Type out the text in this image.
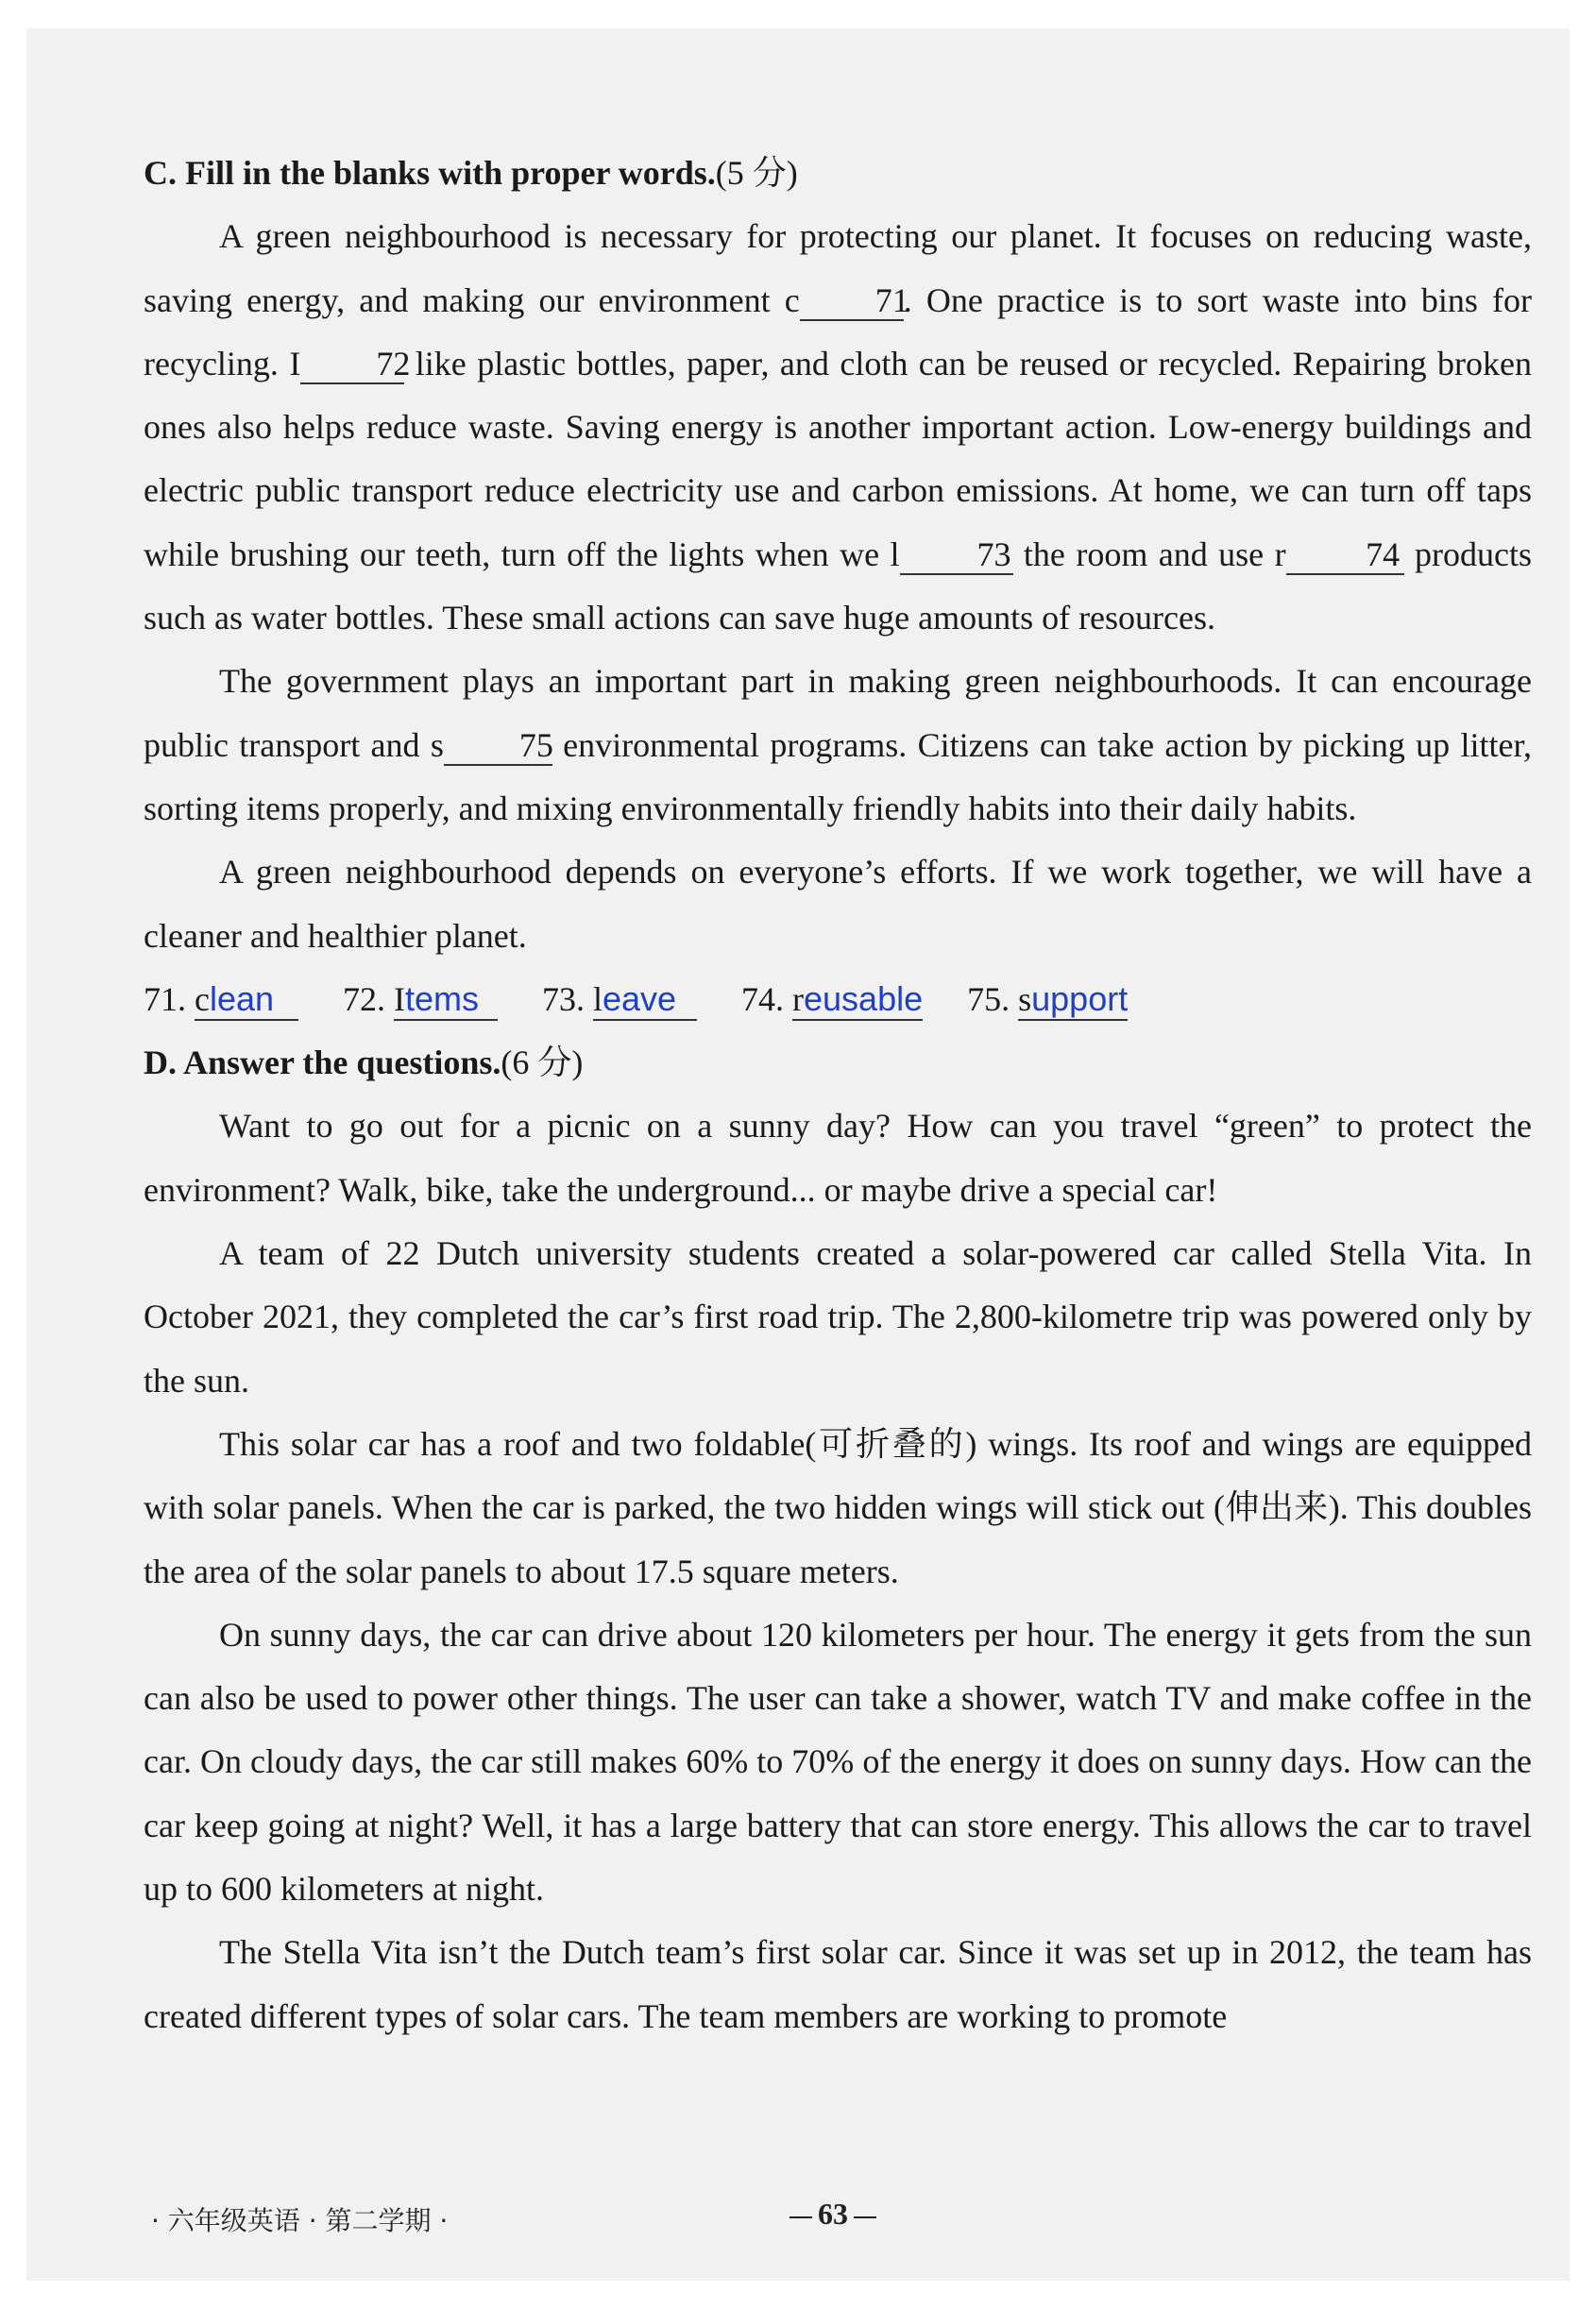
C. Fill in the blanks with proper words.(5 分)

A green neighbourhood is necessary for protecting our planet. It focuses on reducing waste, saving energy, and making our environment c 71. One practice is to sort waste into bins for recycling. I 72 like plastic bottles, paper, and cloth can be reused or recycled. Repairing broken ones also helps reduce waste. Saving energy is another important action. Low-energy buildings and electric public transport reduce electricity use and carbon emissions. At home, we can turn off taps while brushing our teeth, turn off the lights when we l 73 the room and use r 74 products such as water bottles. These small actions can save huge amounts of resources.

The government plays an important part in making green neighbourhoods. It can encourage public transport and s 75 environmental programs. Citizens can take action by picking up litter, sorting items properly, and mixing environmentally friendly habits into their daily habits.

A green neighbourhood depends on everyone’s efforts. If we work together, we will have a cleaner and healthier planet.

71. clean 72. Items 73. leave 74. reusable 75. support

D. Answer the questions.(6 分)

Want to go out for a picnic on a sunny day? How can you travel “green” to protect the environment? Walk, bike, take the underground... or maybe drive a special car!

A team of 22 Dutch university students created a solar-powered car called Stella Vita. In October 2021, they completed the car’s first road trip. The 2,800-kilometre trip was powered only by the sun.

This solar car has a roof and two foldable(可折叠的) wings. Its roof and wings are equipped with solar panels. When the car is parked, the two hidden wings will stick out (伸出来). This doubles the area of the solar panels to about 17.5 square meters.

On sunny days, the car can drive about 120 kilometers per hour. The energy it gets from the sun can also be used to power other things. The user can take a shower, watch TV and make coffee in the car. On cloudy days, the car still makes 60% to 70% of the energy it does on sunny days. How can the car keep going at night? Well, it has a large battery that can store energy. This allows the car to travel up to 600 kilometers at night.

The Stella Vita isn’t the Dutch team’s first solar car. Since it was set up in 2012, the team has created different types of solar cars. The team members are working to promote

· 六年级英语 · 第二学期 ·	63
